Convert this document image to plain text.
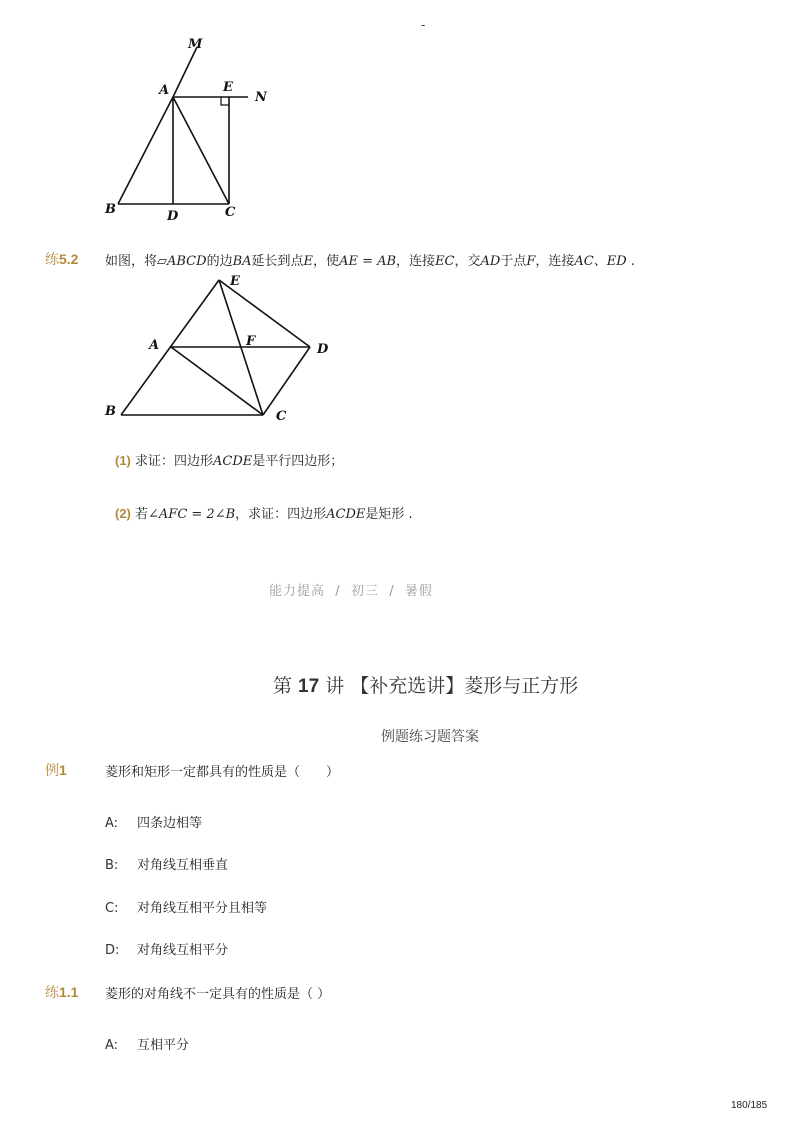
-
M
A	E
N
B	D	C
练5.2 如图，将▱ABCD的边BA延长到点E，使AE = AB，连接EC，交AD于点F，连接AC、ED .
E
A	F
D
B	C
(1) 求证：四边形ACDE是平行四边形；
(2) 若∠AFC = 2∠B，求证：四边形ACDE是矩形 .
能力提高 / 初三 / 暑假
第 17 讲 【补充选讲】菱形与正方形
例题练习题答案
例1	菱形和矩形一定都具有的性质是（　　）
A: 四条边相等
B: 对角线互相垂直
C: 对角线互相平分且相等
D: 对角线互相平分
练1.1 菱形的对角线不一定具有的性质是（ ）
A: 互相平分
180/185
